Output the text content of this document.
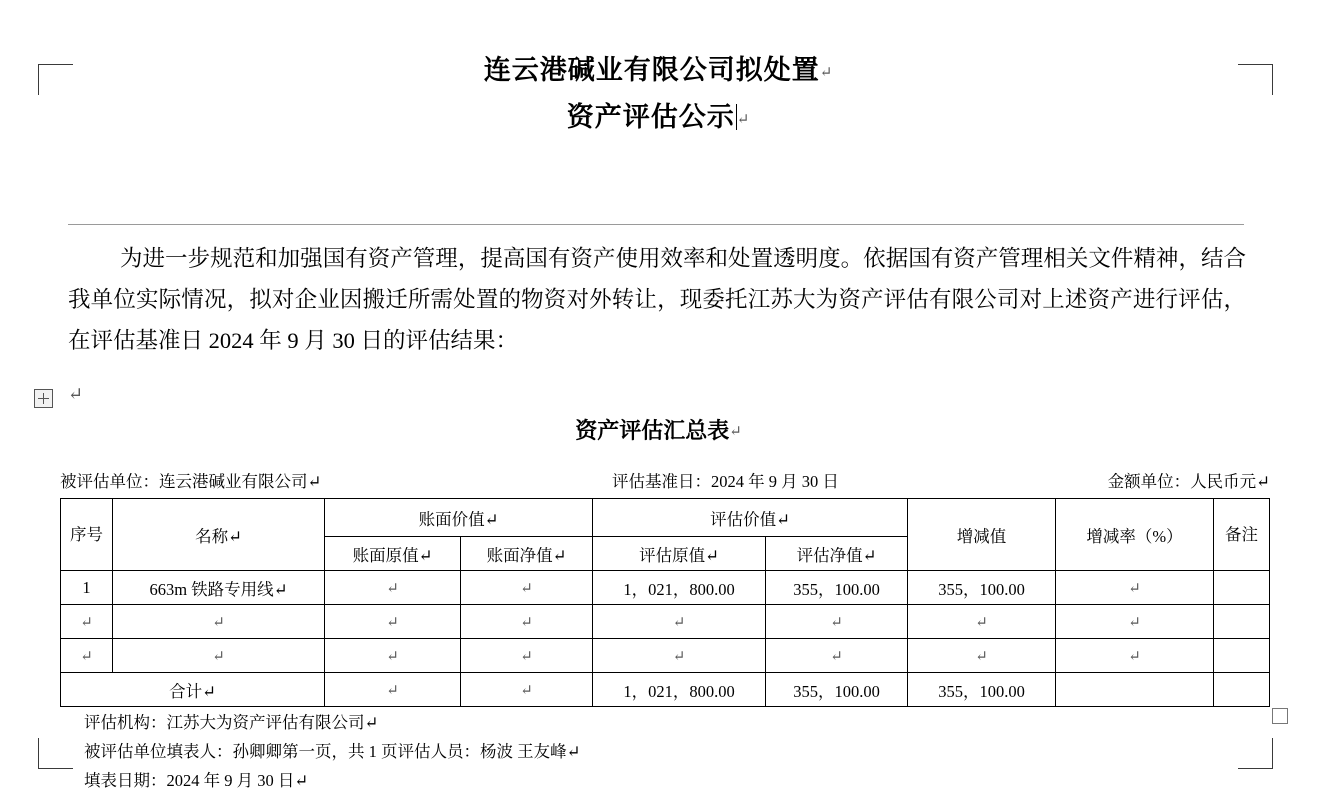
连云港碱业有限公司拟处置↵
资产评估公示 ↵
为进一步规范和加强国有资产管理，提高国有资产使用效率和处置透明度。依据国有资产管理相关文件精神，结合我单位实际情况，拟对企业因搬迁所需处置的物资对外转让，现委托江苏大为资产评估有限公司对上述资产进行评估，在评估基准日 2024 年 9 月 30 日的评估结果：
↵
资产评估汇总表↵
被评估单位：连云港碱业有限公司↵	评估基准日：2024 年 9 月 30 日	金额单位：人民币元↵
序号	名称↵	账面价值↵		评估价值↵		增减值	增减率（%）	备注
		账面原值↵	账面净值↵	评估原值↵	评估净值↵			
1	663m 铁路专用线↵	↵	↵	1，021，800.00	355，100.00	355，100.00	↵	
↵	↵	↵	↵	↵	↵	↵	↵	
↵	↵	↵	↵	↵	↵	↵	↵	
合计↵		↵	↵	1，021，800.00	355，100.00	355，100.00		
评估机构：江苏大为资产评估有限公司↵
被评估单位填表人：孙卿卿第一页，共 1 页评估人员：杨波 王友峰↵
填表日期：2024 年 9 月 30 日↵
